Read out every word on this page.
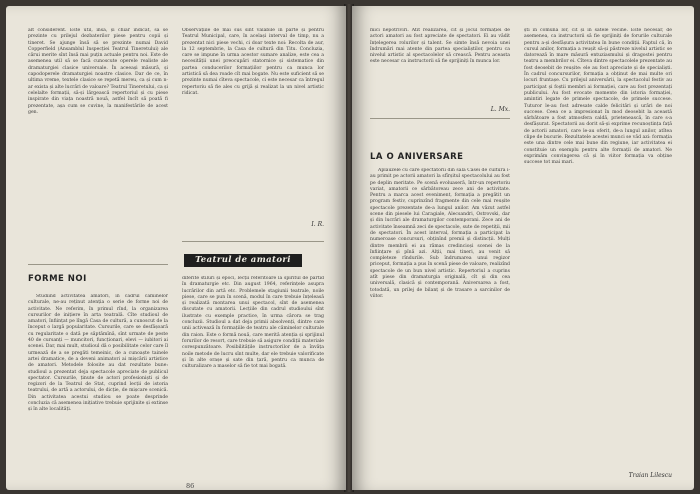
alt considerent. Este util, însă, și chiar indicat, să se prezinte cu prilejul dezbaterilor piese pentru copii și tineret. Se ajunge însă să se prezinte numai David Copperfield (Ansamblul Inspecției Teatrul Tineretului) ale cărui merite sînt însă mai puțin actuale pentru noi. Este de asemenea util să se facă cunoscute operele realiste ale dramaturgiei clasice universale. În aceeași măsură, și capodoperele dramaturgiei noastre clasice. Dar de ce, în ultima vreme, textele clasice se repetă mereu, ca și cum n-ar exista și alte lucrări de valoare? Teatrul Tineretului, ca și celelalte formații, să-și lărgească repertoriul și cu piese inspirate din viața noastră nouă, astfel încît să poată fi prezentate, așa cum se cuvine, la manifestările de acest gen.

Observațiile de mai sus sînt valabile în parte și pentru Teatrul Municipal, care, în același interval de timp, nu a prezentat nici piese vechi, ci doar texte noi: Recolta de aur, la 12 septembrie, la Casa de cultură din Titu. Concluzia, care se impune în urma acestor sumare analize, este cea a necesității unei preocupări statornice și sistematice din partea conducerilor formațiilor pentru ca munca lor artistică să dea roade cît mai bogate. Nu este suficient să se prezinte numai cîteva spectacole, ci este necesar ca întregul repertoriu să fie ales cu grijă și realizat la un nivel artistic ridicat.

I. R.
FORME NOI

Studiind activitatea amatori, în cadrul căminelor culturale, ne-au reținut atenția o serie de forme noi de activitate. Ne referim, în primul rînd, la organizarea cursurilor de inițiere în arta teatrală. Cîte studioul de amatori, înființat pe lîngă Casa de cultură, a cunoscut de la început o largă popularitate. Cursurile, care se desfășoară cu regularitate o dată pe săptămînă, sînt urmate de peste 40 de cursanți — muncitori, funcționari, elevi — iubitori ai scenei. Dar, mai mult, studioul dă o posibilitate celor care îl urmează de a se pregăti temeinic, de a cunoaște tainele artei dramatice, de a deveni animatori ai mișcării artistice de amatori. Metodele folosite au dat rezultate bune: studioul a prezentat deja spectacole apreciate de publicul spectator. Cursurile, ținute de actori profesioniști și de regizori de la Teatrul de Stat, cuprind lecții de istoria teatrului, de artă a actorului, de dicție, de mișcare scenică. Din activitatea acestui studiou se poate desprinde concluzia că asemenea inițiative trebuie sprijinite și extinse și în alte localități.

Teatrul de amatori

diferite stiluri și epoci, lecții referitoare la spiritul de partid în dramaturgie etc. Din august 1964, referințele asupra lucrărilor din artă etc. Problemele stagiunii teatrale, noile piese, care se pun în scenă, modul în care trebuie înțeleasă și realizată montarea unui spectacol, sînt de asemenea discutate cu amatorii. Lecțiile din cadrul studioului sînt ilustrate cu exemple practice, în urma cărora se trag concluzii. Studioul a dat deja primii absolvenți, dintre care unii activează în formațiile de teatru ale căminelor culturale din raion. Este o formă nouă, care merită atenția și sprijinul forurilor de resort, care trebuie să asigure condiții materiale corespunzătoare. Posibilitățile instructorilor de a învăța noile metode de lucru sînt multe, dar ele trebuie valorificate și în alte orașe și sate din țară, pentru ca munca de culturalizare a maselor să fie tot mai bogată.

86

mici nepotriviri. Atît realizarea, cît și jocul formației de actori amatori au fost apreciate de spectatori. Ei au vădit înțelegerea rolurilor și talent. Se simte însă nevoia unei îndrumări mai atente din partea specialiștilor, pentru ca nivelul artistic al spectacolelor să crească. Pentru aceasta este necesar ca instructorii să fie sprijiniți în munca lor.

L. Mx.
LA O ANIVERSARE

Aplauzele cu care spectatorii din sala Casei de cultură i-au primit pe actorii amatori la sfîrșitul spectacolului au fost pe deplin meritate. Pe scenă evoluaseră, într-un repertoriu variat, amatorii ce sărbătoreau zece ani de activitate. Pentru a marca acest eveniment, formația a pregătit un program festiv, cuprinzînd fragmente din cele mai reușite spectacole prezentate de-a lungul anilor. Am văzut astfel scene din piesele lui Caragiale, Alecsandri, Ostrovski, dar și din lucrări ale dramaturgilor contemporani. Zece ani de activitate înseamnă zeci de spectacole, sute de repetiții, mii de spectatori. În acest interval, formația a participat la numeroase concursuri, obținînd premii și distincții. Mulți dintre membrii ei au rămas credincioși scenei de la înființare și pînă azi. Alții, mai tineri, au venit să completeze rîndurile. Sub îndrumarea unui regizor priceput, formația a pus în scenă piese de valoare, realizînd spectacole de un bun nivel artistic. Repertoriul a cuprins atît piese din dramaturgia originală, cît și din cea universală, clasică și contemporană. Aniversarea a fost, totodată, un prilej de bilanț și de trasare a sarcinilor de viitor.

ști în comună lor, cît și în satele vecine. Este necesar, de asemenea, ca instructorii să fie sprijiniți de forurile culturale pentru a-și desfășura activitatea în bune condiții. Faptul că, în cursul anilor, formația a reușit să-și păstreze nivelul artistic se datorează în mare măsură entuziasmului și dragostei pentru teatru a membrilor ei. Cîteva dintre spectacolele prezentate au fost deosebit de reușite: ele au fost apreciate și de specialiști. În cadrul concursurilor, formația a obținut de mai multe ori locuri fruntașe. Cu prilejul aniversării, la spectacolul festiv au participat și foștii membri ai formației, care au fost prezentați publicului. Au fost evocate momente din istoria formației, amintiri legate de primele spectacole, de primele succese. Tuturor le-au fost adresate calde felicitări și urări de noi succese. Ceea ce a impresionat în mod deosebit la această sărbătoare a fost atmosfera caldă, prietenească, în care s-a desfășurat. Spectatorii au dorit să-și exprime recunoștința față de actorii amatori, care le-au oferit, de-a lungul anilor, atîtea clipe de bucurie. Rezultatele acestei munci se văd azi: formația este una dintre cele mai bune din regiune, iar activitatea ei constituie un exemplu pentru alte formații de amatori. Ne exprimăm convingerea că și în viitor formația va obține succese tot mai mari.

Traian Lilescu
